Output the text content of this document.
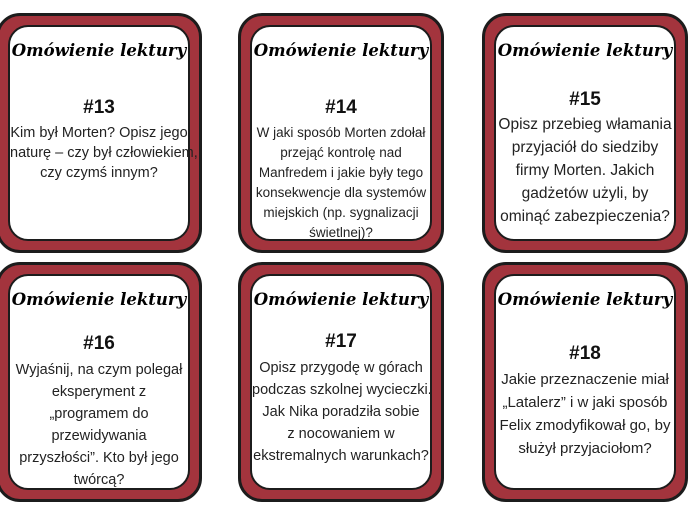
Omówienie lektury
#13
Kim był Morten? Opisz jego
naturę – czy był człowiekiem,
czy czymś innym?
Omówienie lektury
#14
W jaki sposób Morten zdołał
przejąć kontrolę nad
Manfredem i jakie były tego
konsekwencje dla systemów
miejskich (np. sygnalizacji
świetlnej)?
Omówienie lektury
#15
Opisz przebieg włamania
przyjaciół do siedziby
firmy Morten. Jakich
gadżetów użyli, by
ominąć zabezpieczenia?
Omówienie lektury
#16
Wyjaśnij, na czym polegał
eksperyment z
„programem do
przewidywania
przyszłości”. Kto był jego
twórcą?
Omówienie lektury
#17
Opisz przygodę w górach
podczas szkolnej wycieczki.
Jak Nika poradziła sobie
z nocowaniem w
ekstremalnych warunkach?
Omówienie lektury
#18
Jakie przeznaczenie miał
„Latalerz” i w jaki sposób
Felix zmodyfikował go, by
służył przyjaciołom?
